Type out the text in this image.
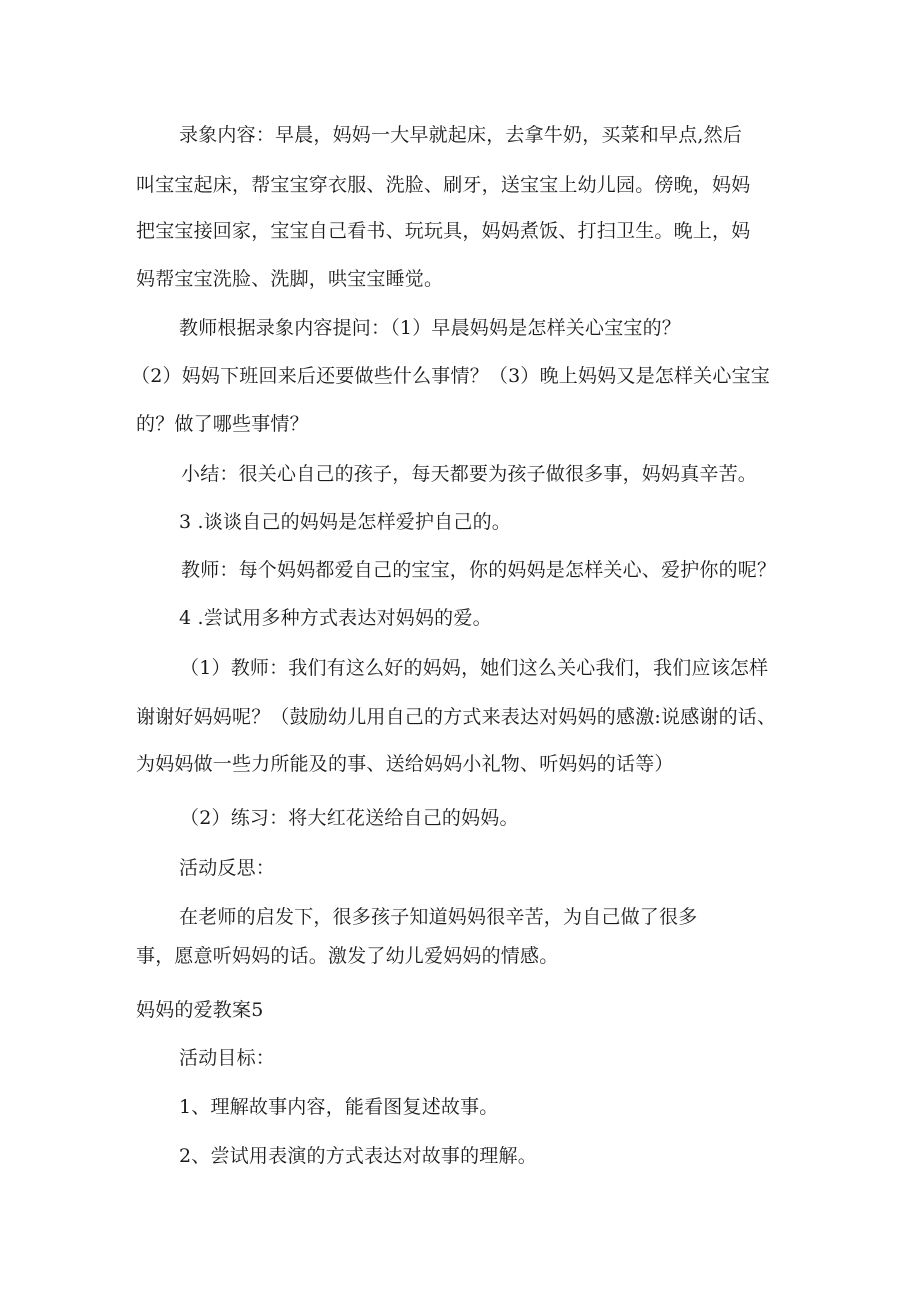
录象内容：早晨，妈妈一大早就起床，去拿牛奶，买菜和早点,然后
叫宝宝起床，帮宝宝穿衣服、洗脸、刷牙，送宝宝上幼儿园。傍晚，妈妈
把宝宝接回家，宝宝自己看书、玩玩具，妈妈煮饭、打扫卫生。晚上，妈
妈帮宝宝洗脸、洗脚，哄宝宝睡觉。
教师根据录象内容提问：（1）早晨妈妈是怎样关心宝宝的？
（2）妈妈下班回来后还要做些什么事情？（3）晚上妈妈又是怎样关心宝宝
的？做了哪些事情？
小结：很关心自己的孩子，每天都要为孩子做很多事，妈妈真辛苦。
3 .谈谈自己的妈妈是怎样爱护自己的。
教师：每个妈妈都爱自己的宝宝，你的妈妈是怎样关心、爱护你的呢？
4 .尝试用多种方式表达对妈妈的爱。
（1）教师：我们有这么好的妈妈，她们这么关心我们，我们应该怎样
谢谢好妈妈呢？（鼓励幼儿用自己的方式来表达对妈妈的感激:说感谢的话、
为妈妈做一些力所能及的事、送给妈妈小礼物、听妈妈的话等）
（2）练习：将大红花送给自己的妈妈。
活动反思：
在老师的启发下，很多孩子知道妈妈很辛苦，为自己做了很多
事，愿意听妈妈的话。激发了幼儿爱妈妈的情感。
妈妈的爱教案5
活动目标：
1、理解故事内容，能看图复述故事。
2、尝试用表演的方式表达对故事的理解。
